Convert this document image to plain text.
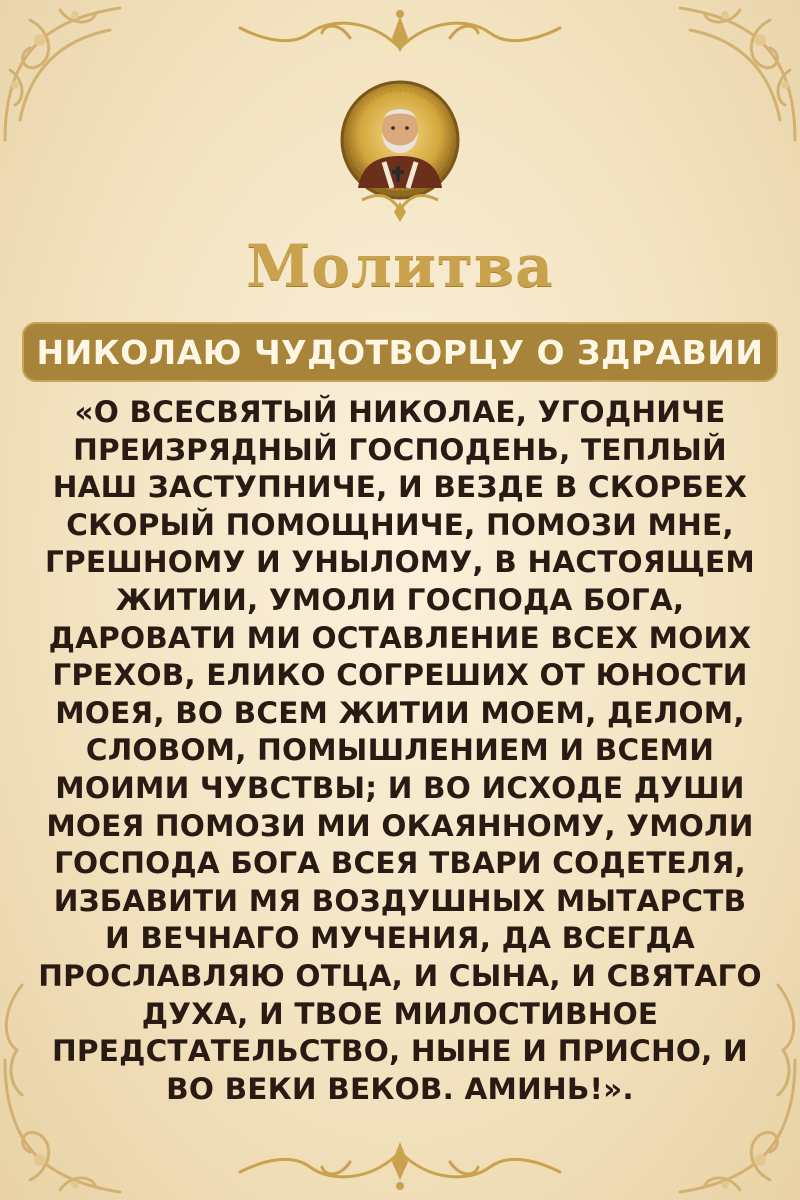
Молитва
НИКОЛАЮ ЧУДОТВОРЦУ О ЗДРАВИИ
«О ВСЕСВЯТЫЙ НИКОЛАЕ, УГОДНИЧЕ
ПРЕИЗРЯДНЫЙ ГОСПОДЕНЬ, ТЕПЛЫЙ
НАШ ЗАСТУПНИЧЕ, И ВЕЗДЕ В СКОРБЕХ
СКОРЫЙ ПОМОЩНИЧЕ, ПОМОЗИ МНЕ,
ГРЕШНОМУ И УНЫЛОМУ, В НАСТОЯЩЕМ
ЖИТИИ, УМОЛИ ГОСПОДА БОГА,
ДАРОВАТИ МИ ОСТАВЛЕНИЕ ВСЕХ МОИХ
ГРЕХОВ, ЕЛИКО СОГРЕШИХ ОТ ЮНОСТИ
МОЕЯ, ВО ВСЕМ ЖИТИИ МОЕМ, ДЕЛОМ,
СЛОВОМ, ПОМЫШЛЕНИЕМ И ВСЕМИ
МОИМИ ЧУВСТВЫ; И ВО ИСХОДЕ ДУШИ
МОЕЯ ПОМОЗИ МИ ОКАЯННОМУ, УМОЛИ
ГОСПОДА БОГА ВСЕЯ ТВАРИ СОДЕТЕЛЯ,
ИЗБАВИТИ МЯ ВОЗДУШНЫХ МЫТАРСТВ
И ВЕЧНАГО МУЧЕНИЯ, ДА ВСЕГДА
ПРОСЛАВЛЯЮ ОТЦА, И СЫНА, И СВЯТАГО
ДУХА, И ТВОЕ МИЛОСТИВНОЕ
ПРЕДСТАТЕЛЬСТВО, НЫНЕ И ПРИСНО, И
ВО ВЕКИ ВЕКОВ. АМИНЬ!».
